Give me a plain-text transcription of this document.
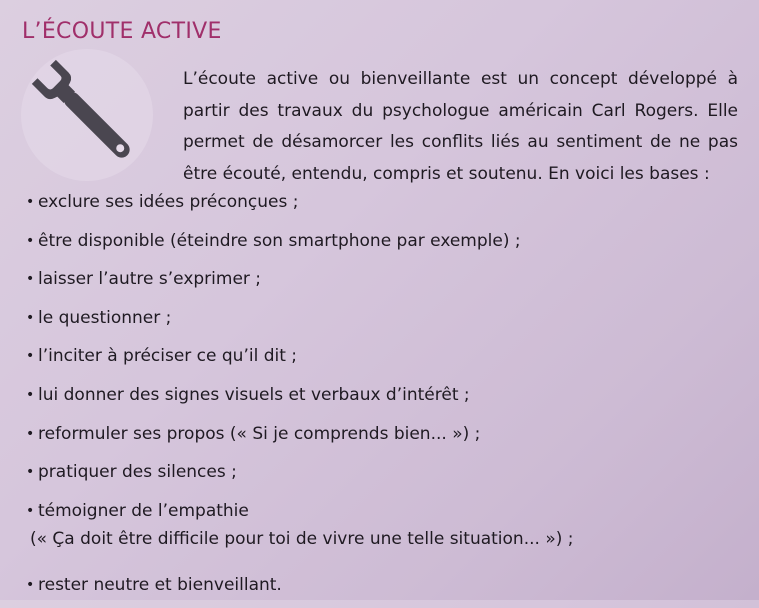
L’ÉCOUTE ACTIVE

L’écoute active ou bienveillante est un concept développé à partir des travaux du psychologue américain Carl Rogers. Elle permet de désamorcer les conflits liés au sentiment de ne pas être écouté, entendu, compris et soutenu. En voici les bases :

• exclure ses idées préconçues ;
• être disponible (éteindre son smartphone par exemple) ;
• laisser l’autre s’exprimer ;
• le questionner ;
• l’inciter à préciser ce qu’il dit ;
• lui donner des signes visuels et verbaux d’intérêt ;
• reformuler ses propos (« Si je comprends bien... ») ;
• pratiquer des silences ;
• témoigner de l’empathie
(« Ça doit être difficile pour toi de vivre une telle situation... ») ;
• rester neutre et bienveillant.
